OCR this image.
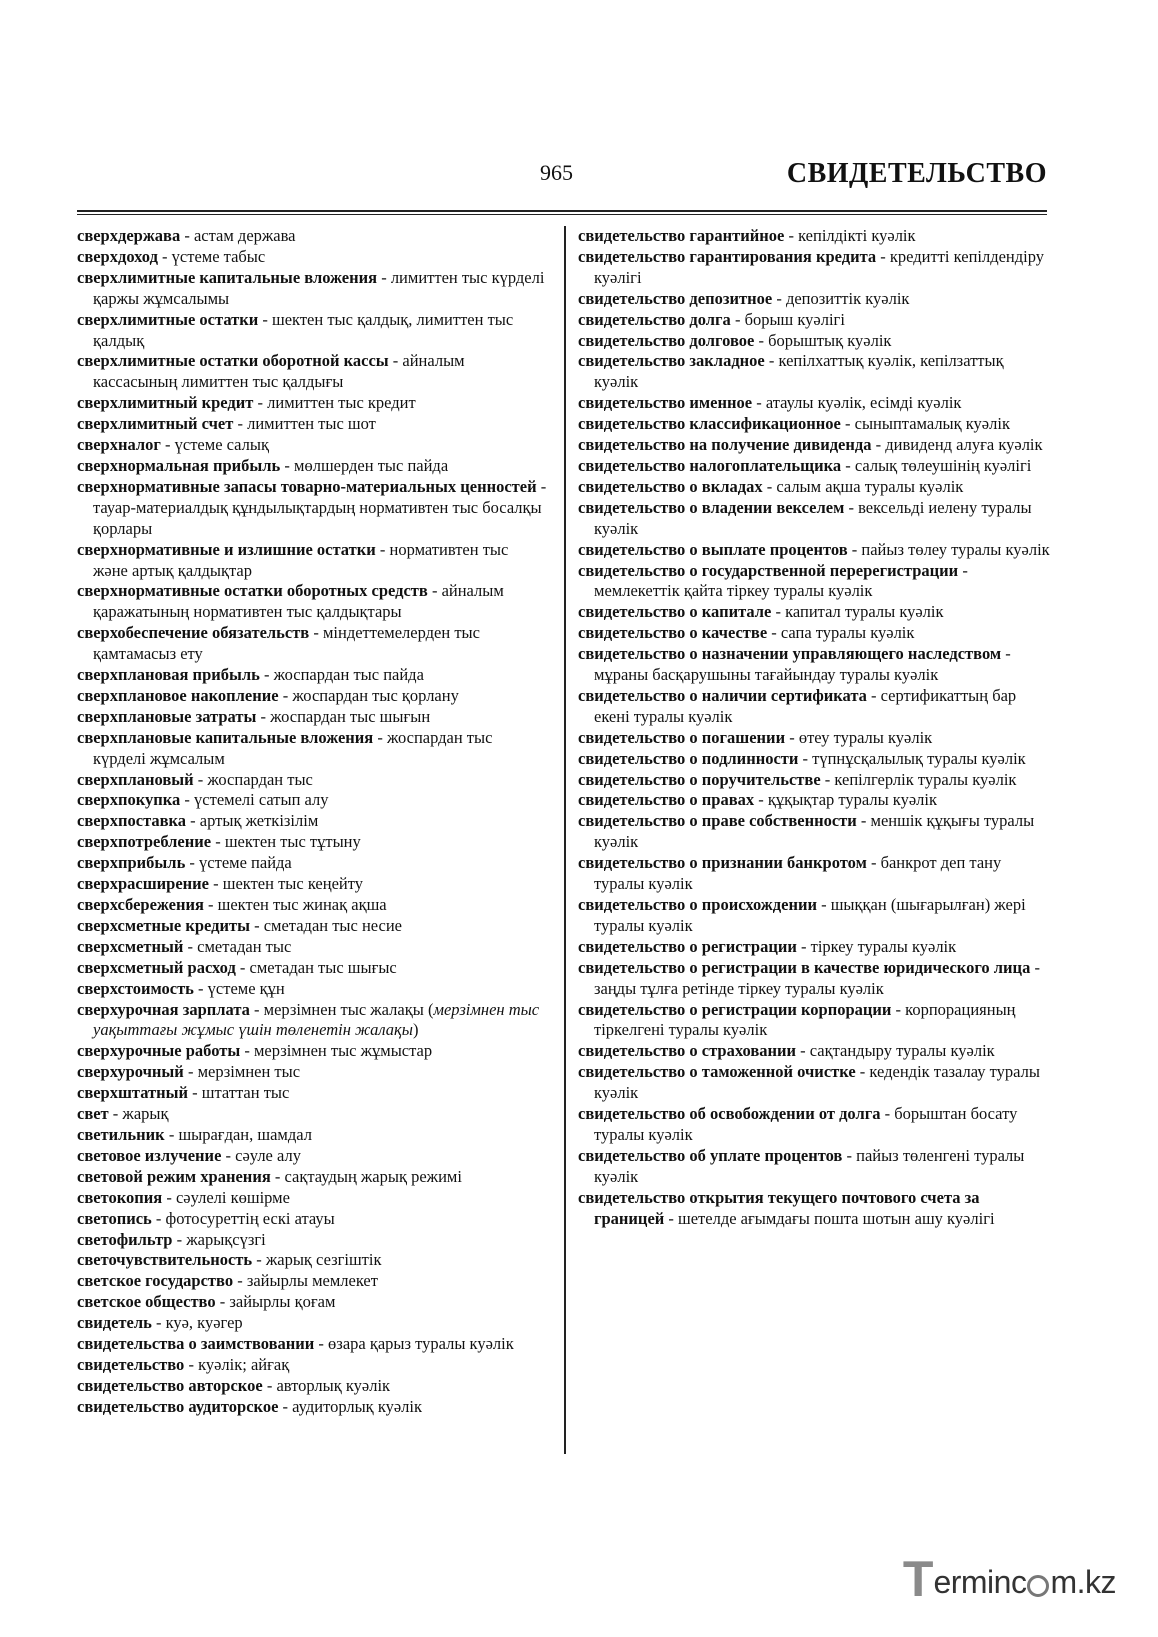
965	СВИДЕТЕЛЬСТВО

сверхдержава - астам держава

сверхдоход - үстеме табыс

сверхлимитные капитальные вложения - лимиттен тыс күрделі қаржы жұмсалымы

сверхлимитные остатки - шектен тыс қалдық, лимиттен тыс қалдық

сверхлимитные остатки оборотной кассы - айналым кассасының лимиттен тыс қалдығы

сверхлимитный кредит - лимиттен тыс кредит

сверхлимитный счет - лимиттен тыс шот

сверхналог - үстеме салық

сверхнормальная прибыль - мөлшерден тыс пайда

сверхнормативные запасы товарно-материальных ценностей - тауар-материалдық құндылықтардың нормативтен тыс босалқы қорлары

сверхнормативные и излишние остатки - нормативтен тыс және артық қалдықтар

сверхнормативные остатки оборотных средств - айналым қаражатының нормативтен тыс қалдықтары

сверхобеспечение обязательств - міндеттемелерден тыс қамтамасыз ету

сверхплановая прибыль - жоспардан тыс пайда

сверхплановое накопление - жоспардан тыс қорлану

сверхплановые затраты - жоспардан тыс шығын

сверхплановые капитальные вложения - жоспардан тыс күрделі жұмсалым

сверхплановый - жоспардан тыс

сверхпокупка - үстемелі сатып алу

сверхпоставка - артық жеткізілім

сверхпотребление - шектен тыс тұтыну

сверхприбыль - үстеме пайда

сверхрасширение - шектен тыс кеңейту

сверхсбережения - шектен тыс жинақ ақша

сверхсметные кредиты - сметадан тыс несие

сверхсметный - сметадан тыс

сверхсметный расход - сметадан тыс шығыс

сверхстоимость - үстеме құн

сверхурочная зарплата - мерзімнен тыс жалақы (мерзімнен тыс уақыттағы жұмыс үшін төленетін жалақы)

сверхурочные работы - мерзімнен тыс жұмыстар

сверхурочный - мерзімнен тыс

сверхштатный - штаттан тыс

свет - жарық

светильник - шырағдан, шамдал

световое излучение - сәуле алу

световой режим хранения - сақтаудың жарық режимі

светокопия - сәулелі көшірме

светопись - фотосуреттің ескі атауы

светофильтр - жарықсүзгі

светочувствительность - жарық сезгіштік

светское государство - зайырлы мемлекет

светское общество - зайырлы қоғам

свидетель - куә, куәгер

свидетельства о заимствовании - өзара қарыз туралы куәлік

свидетельство - куәлік; айғақ

свидетельство авторское - авторлық куәлік

свидетельство аудиторское - аудиторлық куәлік

свидетельство гарантийное - кепілдікті куәлік

свидетельство гарантирования кредита - кредитті кепілдендіру куәлігі

свидетельство депозитное - депозиттік куәлік

свидетельство долга - борыш куәлігі

свидетельство долговое - борыштық куәлік

свидетельство закладное - кепілхаттық куәлік, кепілзаттық куәлік

свидетельство именное - атаулы куәлік, есімді куәлік

свидетельство классификационное - сыныптамалық куәлік

свидетельство на получение дивиденда - дивиденд алуға куәлік

свидетельство налогоплательщика - салық төлеушінің куәлігі

свидетельство о вкладах - салым ақша туралы куәлік

свидетельство о владении векселем - вексельді иелену туралы куәлік

свидетельство о выплате процентов - пайыз төлеу туралы куәлік

свидетельство о государственной перерегистрации - мемлекеттік қайта тіркеу туралы куәлік

свидетельство о капитале - капитал туралы куәлік

свидетельство о качестве - сапа туралы куәлік

свидетельство о назначении управляющего наследством - мұраны басқарушыны тағайындау туралы куәлік

свидетельство о наличии сертификата - сертификаттың бар екені туралы куәлік

свидетельство о погашении - өтеу туралы куәлік

свидетельство о подлинности - түпнұсқалылық туралы куәлік

свидетельство о поручительстве - кепілгерлік туралы куәлік

свидетельство о правах - құқықтар туралы куәлік

свидетельство о праве собственности - меншік құқығы туралы куәлік

свидетельство о признании банкротом - банкрот деп тану туралы куәлік

свидетельство о происхождении - шыққан (шығарылған) жері туралы куәлік

свидетельство о регистрации - тіркеу туралы куәлік

свидетельство о регистрации в качестве юридического лица - заңды тұлға ретінде тіркеу туралы куәлік

свидетельство о регистрации корпорации - корпорацияның тіркелгені туралы куәлік

свидетельство о страховании - сақтандыру туралы куәлік

свидетельство о таможенной очистке - кедендік тазалау туралы куәлік

свидетельство об освобождении от долга - борыштан босату туралы куәлік

свидетельство об уплате процентов - пайыз төленгені туралы куәлік

свидетельство открытия текущего почтового счета за границей - шетелде ағымдағы пошта шотын ашу куәлігі

T erminc m.kz
